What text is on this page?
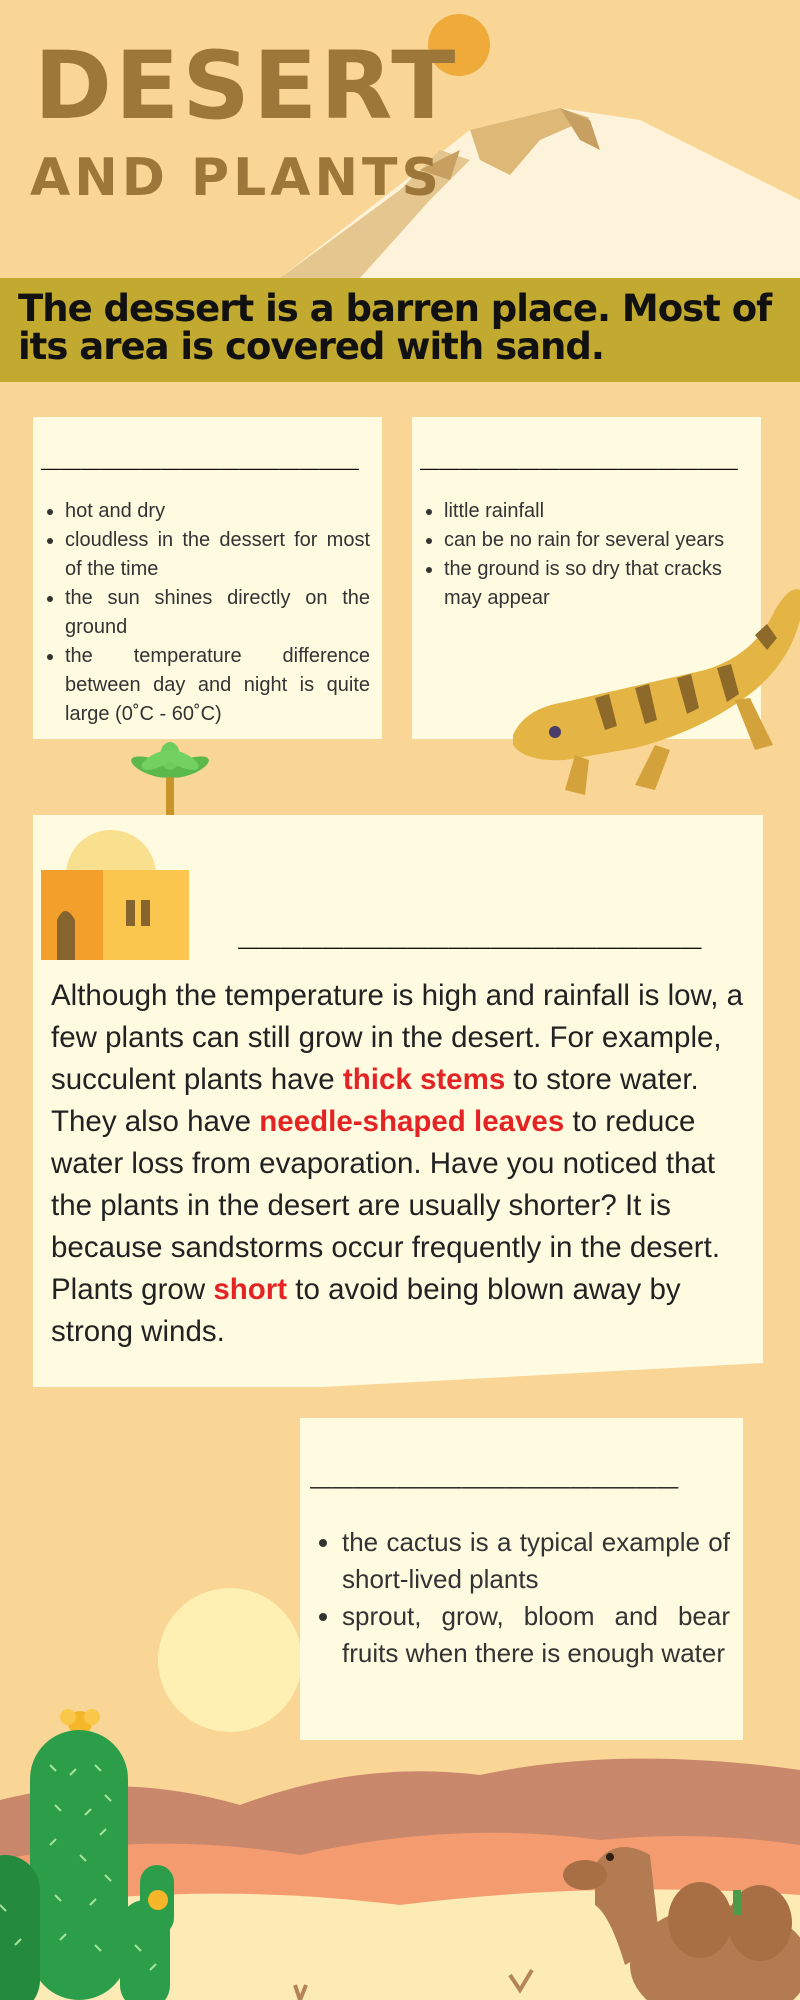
DESERT
AND PLANTS
The dessert is a barren place. Most of its area is covered with sand.
________________
• hot and dry
• cloudless in the dessert for most of the time
• the sun shines directly on the ground
• the temperature difference between day and night is quite large (0˚C - 60˚C)
________________
• little rainfall
• can be no rain for several years
• the ground is so dry that cracks may appear
______________________
Although the temperature is high and rainfall is low, a few plants can still grow in the desert. For example, succulent plants have thick stems to store water. They also have needle-shaped leaves to reduce water loss from evaporation. Have you noticed that the plants in the desert are usually shorter? It is because sandstorms occur frequently in the desert. Plants grow short to avoid being blown away by strong winds.
_________________
• the cactus is a typical example of short-lived plants
• sprout, grow, bloom and bear fruits when there is enough water
